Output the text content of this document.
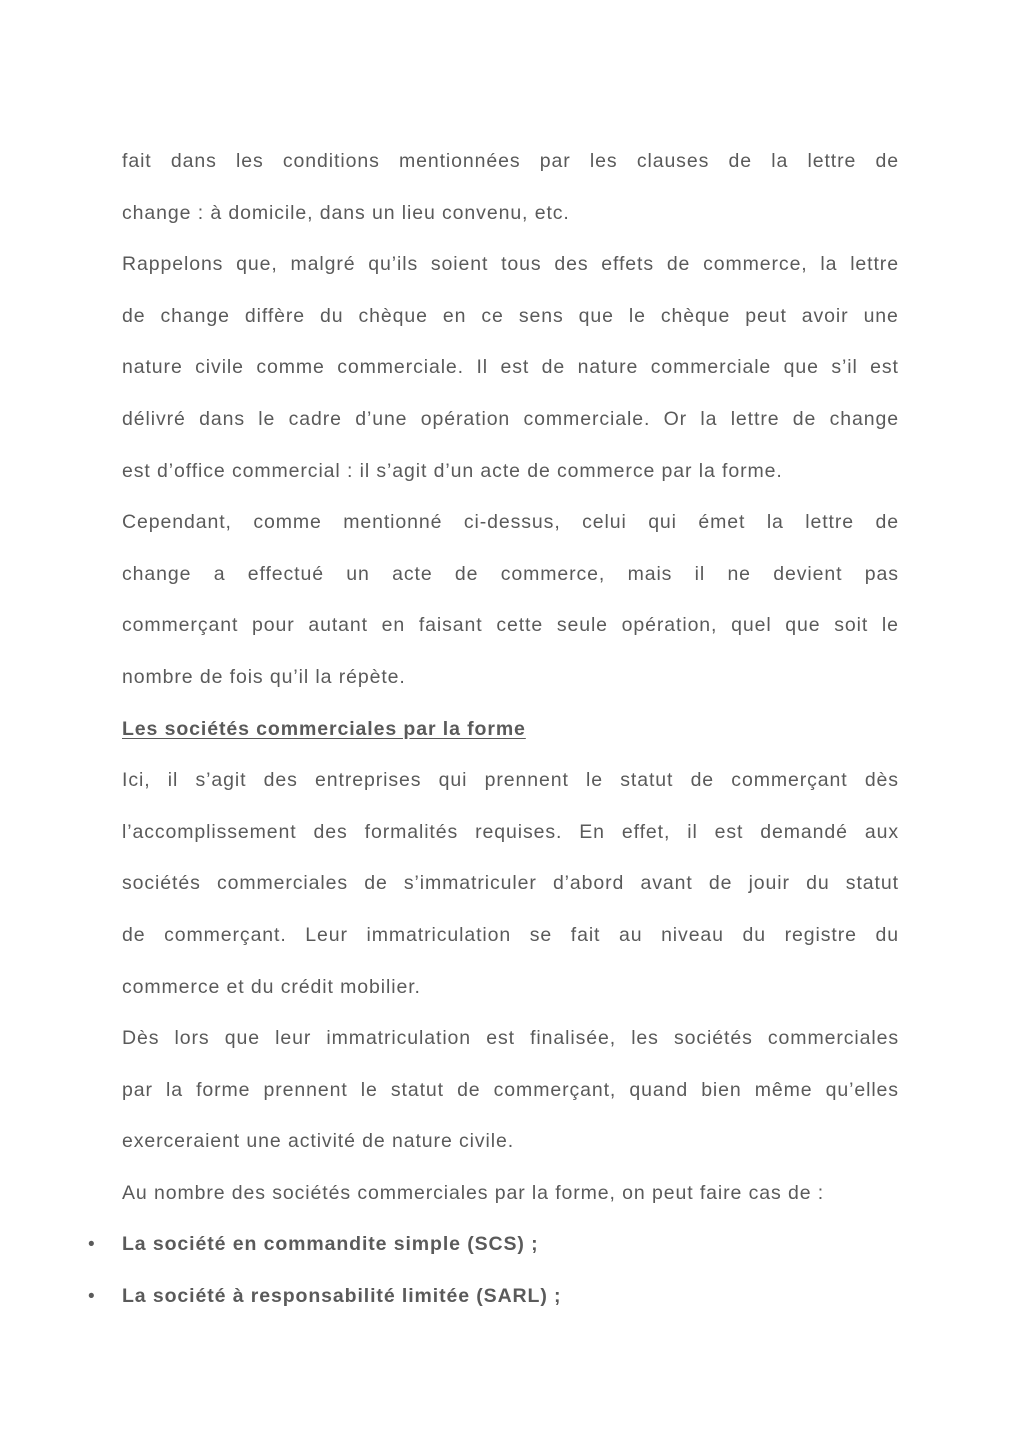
fait dans les conditions mentionnées par les clauses de la lettre de
change : à domicile, dans un lieu convenu, etc.
Rappelons que, malgré qu’ils soient tous des effets de commerce, la lettre
de change diffère du chèque en ce sens que le chèque peut avoir une
nature civile comme commerciale. Il est de nature commerciale que s’il est
délivré dans le cadre d’une opération commerciale. Or la lettre de change
est d’office commercial : il s’agit d’un acte de commerce par la forme.
Cependant, comme mentionné ci-dessus, celui qui émet la lettre de
change a effectué un acte de commerce, mais il ne devient pas
commerçant pour autant en faisant cette seule opération, quel que soit le
nombre de fois qu’il la répète.
Les sociétés commerciales par la forme
Ici, il s’agit des entreprises qui prennent le statut de commerçant dès
l’accomplissement des formalités requises. En effet, il est demandé aux
sociétés commerciales de s’immatriculer d’abord avant de jouir du statut
de commerçant. Leur immatriculation se fait au niveau du registre du
commerce et du crédit mobilier.
Dès lors que leur immatriculation est finalisée, les sociétés commerciales
par la forme prennent le statut de commerçant, quand bien même qu’elles
exerceraient une activité de nature civile.
Au nombre des sociétés commerciales par la forme, on peut faire cas de :
• La société en commandite simple (SCS) ;
• La société à responsabilité limitée (SARL) ;
